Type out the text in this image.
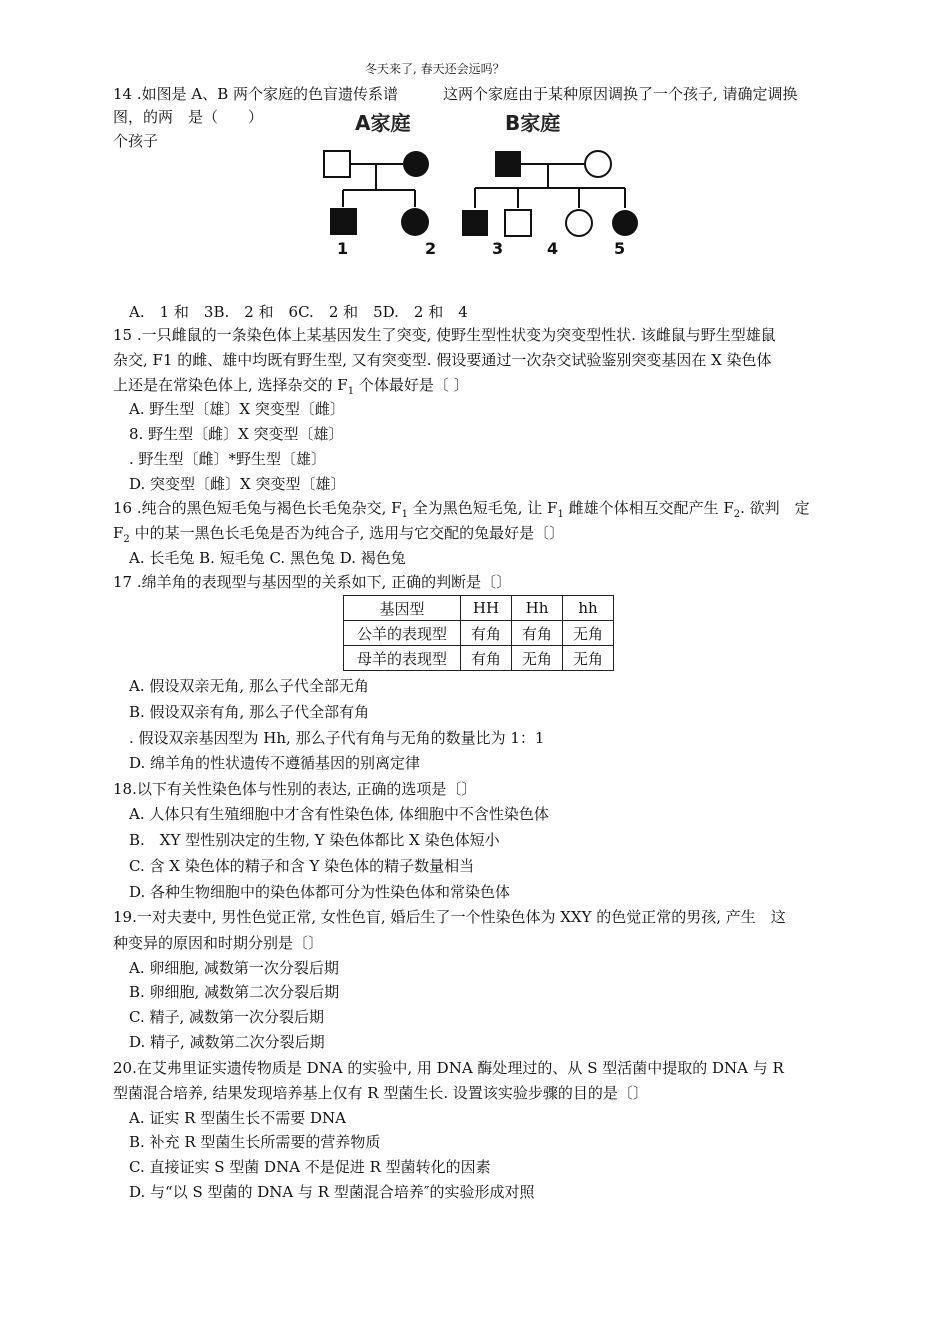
冬天来了, 春天还会远吗？
14 .如图是 A、B 两个家庭的色盲遗传系谱	这两个家庭由于某种原因调换了一个孩子, 请确定调换
图，的两　是（　　）
个孩子
A家庭	B家庭
1	2	3	4	5
A.　1 和　3B.　2 和　6C.　2 和　5D.　2 和　4
15 .一只雌鼠的一条染色体上某基因发生了突变, 使野生型性状变为突变型性状. 该雌鼠与野生型雄鼠
杂交, F1 的雌、雄中均既有野生型, 又有突变型. 假设要通过一次杂交试验鉴别突变基因在 X 染色体
上还是在常染色体上, 选择杂交的 $F_1$ 个体最好是〔 〕
A. 野生型〔雄〕X 突变型〔雌〕
8. 野生型〔雌〕X 突变型〔雄〕
. 野生型〔雌〕*野生型〔雄〕
D. 突变型〔雌〕X 突变型〔雄〕
16 .纯合的黑色短毛兔与褐色长毛兔杂交, $F_1$ 全为黑色短毛兔, 让 $F_1$ 雌雄个体相互交配产生 $F_2$. 欲判　定
$F_2$ 中的某一黑色长毛兔是否为纯合子, 选用与它交配的兔最好是〔〕
A. 长毛兔 B. 短毛兔 C. 黑色兔 D. 褐色兔
17 .绵羊角的表现型与基因型的关系如下, 正确的判断是〔〕
基因型	HH	Hh	hh
公羊的表现型	有角	有角	无角
母羊的表现型	有角	无角	无角
A. 假设双亲无角, 那么子代全部无角
B. 假设双亲有角, 那么子代全部有角
. 假设双亲基因型为 Hh, 那么子代有角与无角的数量比为 1：1
D. 绵羊角的性状遗传不遵循基因的别离定律
18.以下有关性染色体与性别的表达, 正确的选项是〔〕
A. 人体只有生殖细胞中才含有性染色体, 体细胞中不含性染色体
B.　XY 型性别决定的生物, Y 染色体都比 X 染色体短小
C. 含 X 染色体的精子和含 Y 染色体的精子数量相当
D. 各种生物细胞中的染色体都可分为性染色体和常染色体
19.一对夫妻中, 男性色觉正常, 女性色盲, 婚后生了一个性染色体为 XXY 的色觉正常的男孩, 产生　这
种变异的原因和时期分别是〔〕
A. 卵细胞, 减数第一次分裂后期
B. 卵细胞, 减数第二次分裂后期
C. 精子, 减数第一次分裂后期
D. 精子, 减数第二次分裂后期
20.在艾弗里证实遗传物质是 DNA 的实验中, 用 DNA 酶处理过的、从 S 型活菌中提取的 DNA 与 R
型菌混合培养, 结果发现培养基上仅有 R 型菌生长. 设置该实验步骤的目的是〔〕
A. 证实 R 型菌生长不需要 DNA
B. 补充 R 型菌生长所需要的营养物质
C. 直接证实 S 型菌 DNA 不是促进 R 型菌转化的因素
D. 与“以 S 型菌的 DNA 与 R 型菌混合培养″的实验形成对照
